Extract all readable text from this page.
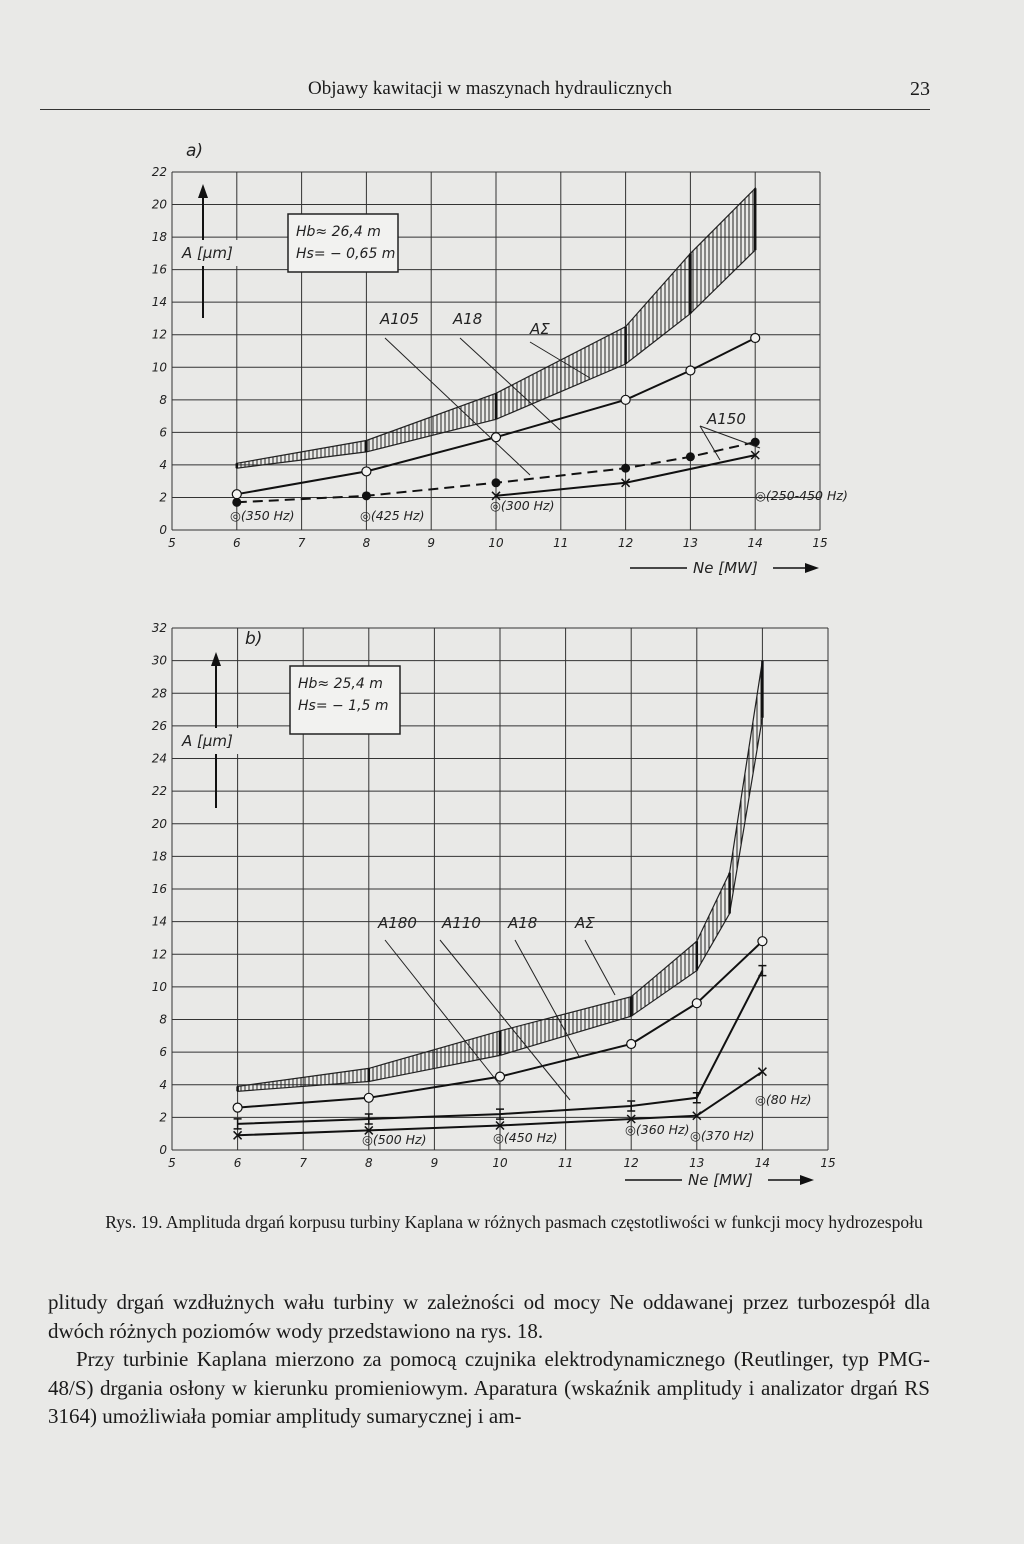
Objawy kawitacji w maszynach hydraulicznych	23
5	6	7	8	9	10	11	12	13	14	15
0
2
4
6
8
10
12
14
16
18
20
22
a)
A [µm]
Ne [MW]
Hb≈ 26,4 m
Hs= − 0,65 m
AΣ
A105 A18
A150
◎(350 Hz)	◎(425 Hz)
◎(300 Hz)
◎(250-450 Hz)
5	6	7	8	9	10	11	12	13	14	15
0
2
4
6
8
10
12
14
16
18
20
22
24
26
28
30
32
b)
A [µm]
Ne [MW]
Hb≈ 25,4 m
Hs= − 1,5 m
AΣ
A110 A18
A180
◎(500 Hz)	◎(450 Hz)
◎(360 Hz) ◎(370 Hz)
◎(80 Hz)
Rys. 19. Amplituda drgań korpusu turbiny Kaplana w różnych pasmach częstotliwości w funkcji mocy hydrozespołu

plitudy drgań wzdłużnych wału turbiny w zależności od mocy Ne oddawanej przez turbozespół dla dwóch różnych poziomów wody przedstawiono na rys. 18.

Przy turbinie Kaplana mierzono za pomocą czujnika elektrodynamicznego (Reutlinger, typ PMG-48/S) drgania osłony w kierunku promieniowym. Aparatura (wskaźnik amplitudy i analizator drgań RS 3164) umożliwiała pomiar amplitudy sumarycznej i am-
